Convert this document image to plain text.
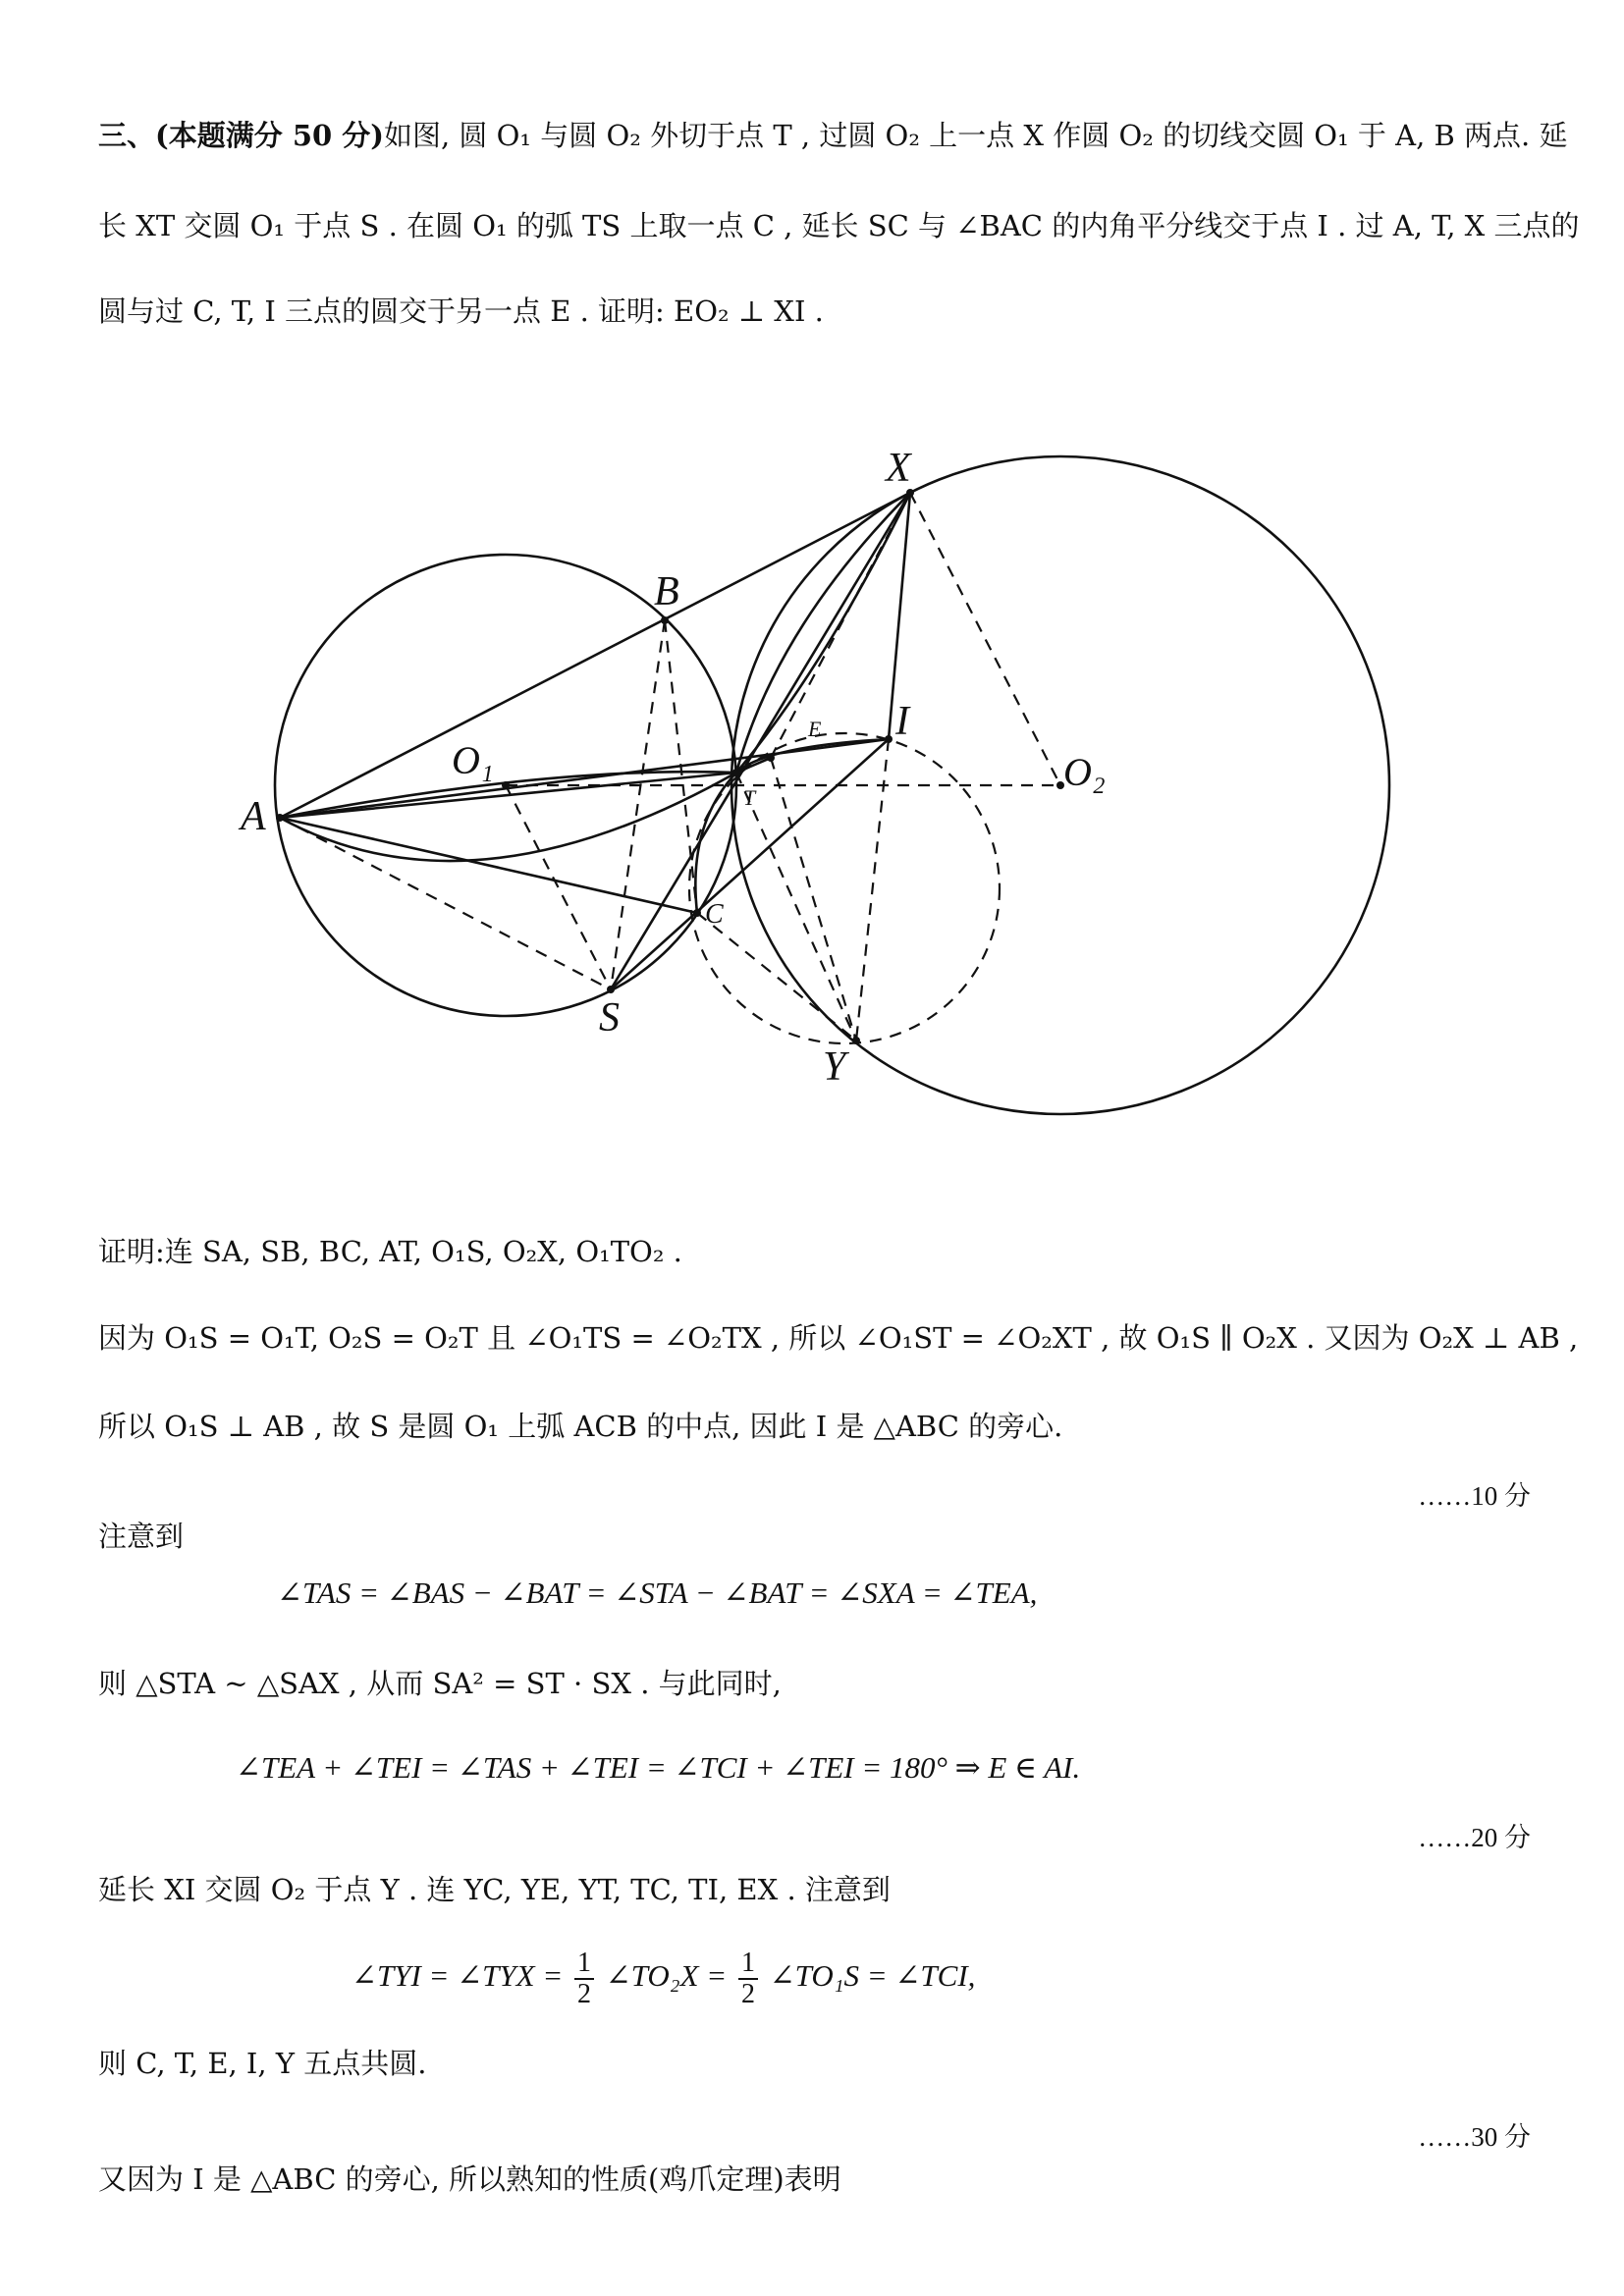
三、(本题满分 50 分)如图, 圆 O₁ 与圆 O₂ 外切于点 T , 过圆 O₂ 上一点 X 作圆 O₂ 的切线交圆 O₁ 于 A, B 两点. 延
长 XT 交圆 O₁ 于点 S . 在圆 O₁ 的弧 TS 上取一点 C , 延长 SC 与 ∠BAC 的内角平分线交于点 I . 过 A, T, X 三点的
圆与过 C, T, I 三点的圆交于另一点 E . 证明: EO₂ ⊥ XI .
X
B
I
E
O₁	O₂
A	T
C
S
Y
证明:连 SA, SB, BC, AT, O₁S, O₂X, O₁TO₂ .
因为 O₁S = O₁T, O₂S = O₂T 且 ∠O₁TS = ∠O₂TX , 所以 ∠O₁ST = ∠O₂XT , 故 O₁S ∥ O₂X . 又因为 O₂X ⊥ AB ,
所以 O₁S ⊥ AB , 故 S 是圆 O₁ 上弧 ACB 的中点, 因此 I 是 △ABC 的旁心.
……10 分
注意到
∠TAS = ∠BAS − ∠BAT = ∠STA − ∠BAT = ∠SXA = ∠TEA,
则 △STA ~ △SAX , 从而 SA² = ST · SX . 与此同时,
∠TEA + ∠TEI = ∠TAS + ∠TEI = ∠TCI + ∠TEI = 180° ⇒ E ∈ AI.
……20 分
延长 XI 交圆 O₂ 于点 Y . 连 YC, YE, YT, TC, TI, EX . 注意到
∠TYI = ∠TYX = $\frac{1}{2}$ ∠TO₂X = $\frac{1}{2}$ ∠TO₁S = ∠TCI,
则 C, T, E, I, Y 五点共圆.
……30 分
又因为 I 是 △ABC 的旁心, 所以熟知的性质(鸡爪定理)表明
